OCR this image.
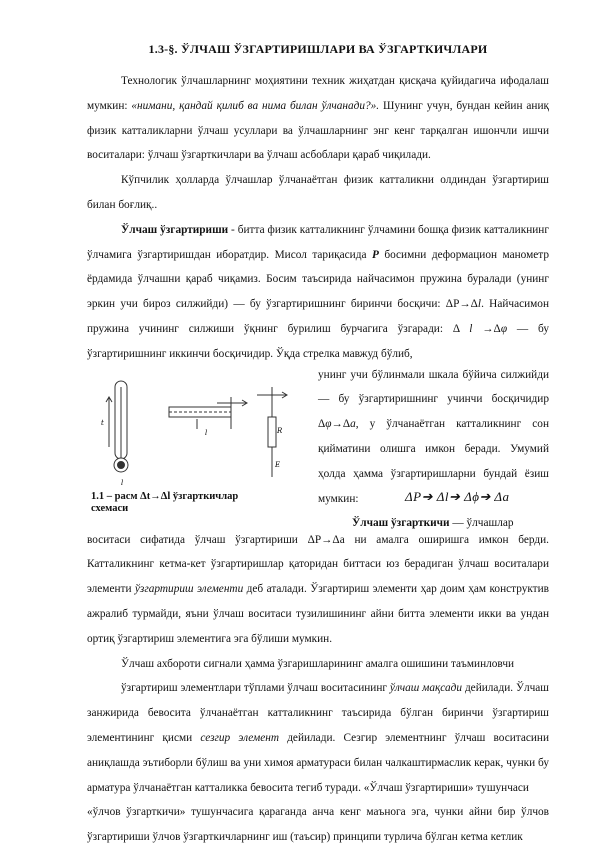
1.3-§. ЎЛЧАШ ЎЗГАРТИРИШЛАРИ ВА ЎЗГАРТКИЧЛАРИ

Технологик ўлчашларнинг моҳиятини техник жиҳатдан қисқача қуйидагича ифодалаш мумкин: «нимани, қандай қилиб ва нима билан ўлчанади?». Шунинг учун, бундан кейин аниқ физик катталикларни ўлчаш усуллари ва ўлчашларнинг энг кенг тарқалган ишончли ишчи воситалари: ўлчаш ўзгарткичлари ва ўлчаш асбоблари қараб чиқилади.

Кўпчилик ҳолларда ўлчашлар ўлчанаётган физик катталикни олдиндан ўзгартириш билан боғлиқ..

Ўлчаш ўзгартириши - битта физик катталикнинг ўлчамини бошқа физик катталикнинг ўлчамига ўзгартиришдан иборатдир. Мисол тариқасида Р босимни деформацион манометр ёрдамида ўлчашни қараб чиқамиз. Босим таъсирида найчасимон пружина буралади (унинг эркин учи бироз силжийди) — бу ўзгартиришнинг биринчи босқичи: ΔР→Δl. Найчасимон пружина учининг силжиши ўқнинг бурилиш бурчагига ўзгаради: Δ l →Δφ — бу ўзгартиришнинг иккинчи босқичидир. Ўқда стрелка мавжуд бўлиб,

t
l
l	R
E

унинг учи бўлинмали шкала бўйича силжийди — бу ўзгартиришнинг учинчи босқичидир Δφ→Δа, у ўлчанаётган катталикнинг сон қийматини олишга имкон беради. Умумий ҳолда ҳамма ўзгартиришларни бундай ёзиш мумкин:

1.1 – расм Δt→Δl ўзгарткичлар
схемаси
ΔP➔ Δl➔ Δϕ➔ Δa

Ўлчаш ўзгарткичи — ўлчашлар

воситаси сифатида ўлчаш ўзгартириши ΔР→Δа ни амалга оширишга имкон берди. Катталикнинг кетма-кет ўзгартиришлар қаторидан биттаси юз берадиган ўлчаш воситалари элементи ўзгартириш элементи деб аталади. Ўзгартириш элементи ҳар доим ҳам конструктив ажралиб турмайди, яъни ўлчаш воситаси тузилишининг айни битта элементи икки ва ундан ортиқ ўзгартириш элементига эга бўлиши мумкин.

Ўлчаш ахбороти сигнали ҳамма ўзгаришларининг амалга ошишини таъминловчи

ўзгартириш элементлари тўплами ўлчаш воситасининг ўлчаш мақсади дейилади. Ўлчаш занжирида бевосита ўлчанаётган катталикнинг таъсирида бўлган биринчи ўзгартириш элементининг қисми сезгир элемент дейилади. Сезгир элементнинг ўлчаш воситасини аниқлашда эътиборли бўлиш ва уни химоя арматураси билан чалкаштирмаслик керак, чунки бу арматура ўлчанаётган катталикка бевосита тегиб туради. «Ўлчаш ўзгартириши» тушунчаси

«ўлчов ўзгарткичи» тушунчасига қараганда анча кенг маънога эга, чунки айни бир ўлчов ўзгартириши ўлчов ўзгарткичларнинг иш (таъсир) принципи турлича бўлган кетма кетлик
